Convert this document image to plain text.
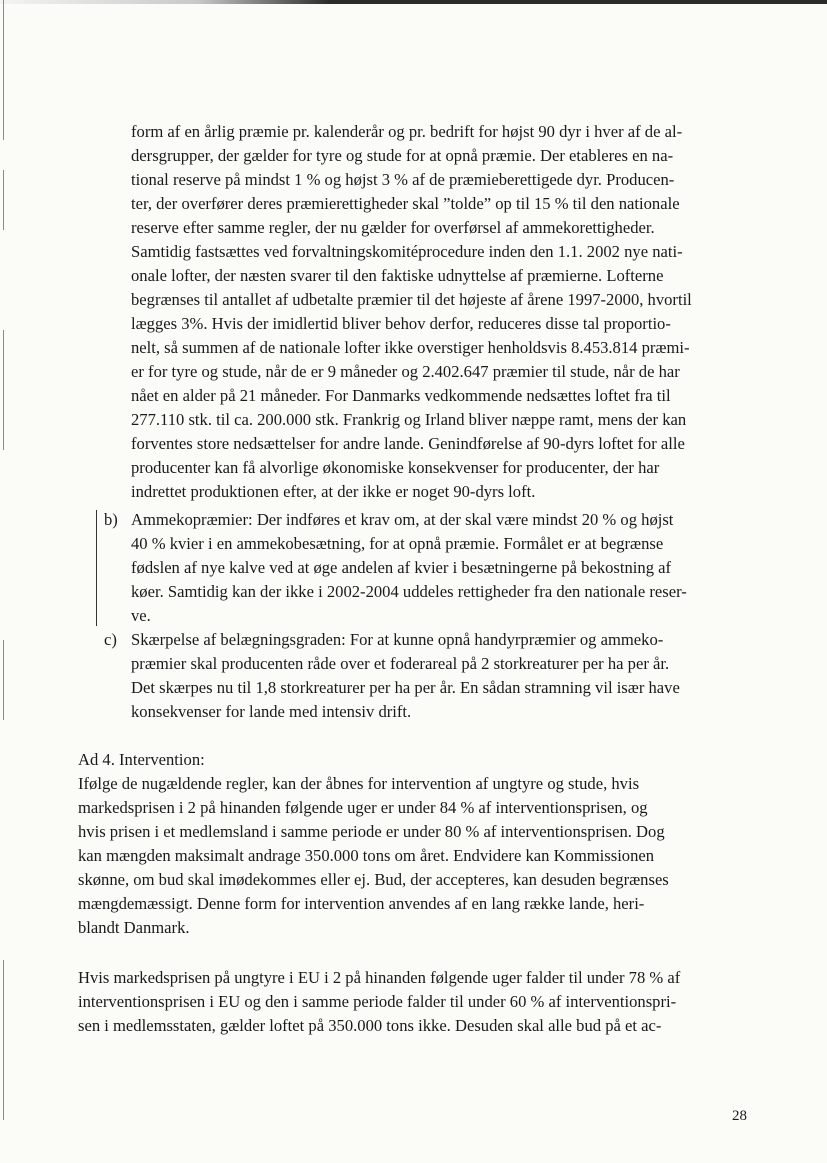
form af en årlig præmie pr. kalenderår og pr. bedrift for højst 90 dyr i hver af de al-

dersgrupper, der gælder for tyre og stude for at opnå præmie. Der etableres en na-

tional reserve på mindst 1 % og højst 3 % af de præmieberettigede dyr. Producen-

ter, der overfører deres præmierettigheder skal ”tolde” op til 15 % til den nationale

reserve efter samme regler, der nu gælder for overførsel af ammekorettigheder.

Samtidig fastsættes ved forvaltningskomitéprocedure inden den 1.1. 2002 nye nati-

onale lofter, der næsten svarer til den faktiske udnyttelse af præmierne. Lofterne

begrænses til antallet af udbetalte præmier til det højeste af årene 1997-2000, hvortil

lægges 3%. Hvis der imidlertid bliver behov derfor, reduceres disse tal proportio-

nelt, så summen af de nationale lofter ikke overstiger henholdsvis 8.453.814 præmi-

er for tyre og stude, når de er 9 måneder og 2.402.647 præmier til stude, når de har

nået en alder på 21 måneder. For Danmarks vedkommende nedsættes loftet fra til

277.110 stk. til ca. 200.000 stk. Frankrig og Irland bliver næppe ramt, mens der kan

forventes store nedsættelser for andre lande. Genindførelse af 90-dyrs loftet for alle

producenter kan få alvorlige økonomiske konsekvenser for producenter, der har

indrettet produktionen efter, at der ikke er noget 90-dyrs loft.

b) Ammekopræmier: Der indføres et krav om, at der skal være mindst 20 % og højst

40 % kvier i en ammekobesætning, for at opnå præmie. Formålet er at begrænse

fødslen af nye kalve ved at øge andelen af kvier i besætningerne på bekostning af

køer. Samtidig kan der ikke i 2002-2004 uddeles rettigheder fra den nationale reser-

ve.

c) Skærpelse af belægningsgraden: For at kunne opnå handyrpræmier og ammeko-

præmier skal producenten råde over et foderareal på 2 storkreaturer per ha per år.

Det skærpes nu til 1,8 storkreaturer per ha per år. En sådan stramning vil især have

konsekvenser for lande med intensiv drift.

Ad 4. Intervention:

Ifølge de nugældende regler, kan der åbnes for intervention af ungtyre og stude, hvis

markedsprisen i 2 på hinanden følgende uger er under 84 % af interventionsprisen, og

hvis prisen i et medlemsland i samme periode er under 80 % af interventionsprisen. Dog

kan mængden maksimalt andrage 350.000 tons om året. Endvidere kan Kommissionen

skønne, om bud skal imødekommes eller ej. Bud, der accepteres, kan desuden begrænses

mængdemæssigt. Denne form for intervention anvendes af en lang række lande, heri-

blandt Danmark.

Hvis markedsprisen på ungtyre i EU i 2 på hinanden følgende uger falder til under 78 % af

interventionsprisen i EU og den i samme periode falder til under 60 % af interventionspri-

sen i medlemsstaten, gælder loftet på 350.000 tons ikke. Desuden skal alle bud på et ac-

28
